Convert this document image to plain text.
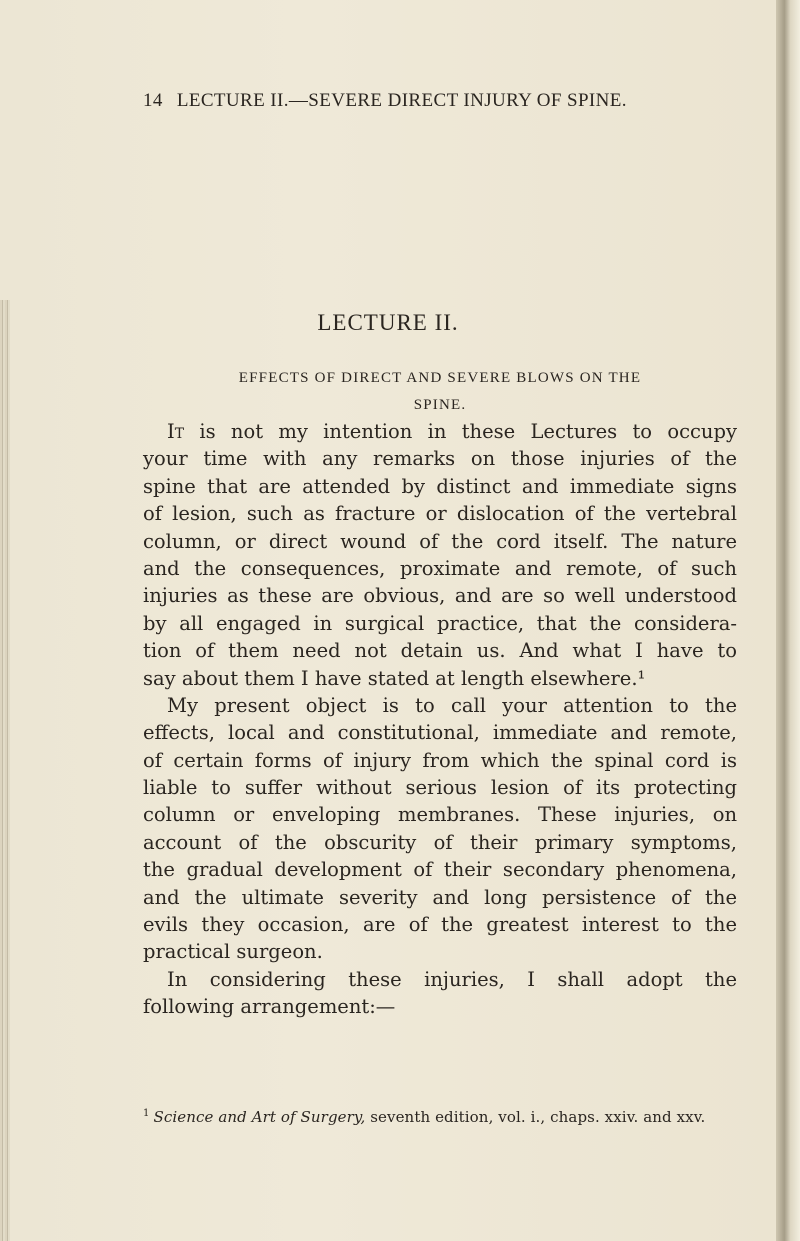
14 LECTURE II.—SEVERE DIRECT INJURY OF SPINE.
LECTURE II.
EFFECTS OF DIRECT AND SEVERE BLOWS ON THE
SPINE.
It is not my intention in these Lectures to occupy
your time with any remarks on those injuries of the
spine that are attended by distinct and immediate signs
of lesion, such as fracture or dislocation of the vertebral
column, or direct wound of the cord itself. The nature
and the consequences, proximate and remote, of such
injuries as these are obvious, and are so well understood
by all engaged in surgical practice, that the considera-
tion of them need not detain us. And what I have to
say about them I have stated at length elsewhere.¹
My present object is to call your attention to the
effects, local and constitutional, immediate and remote,
of certain forms of injury from which the spinal cord is
liable to suffer without serious lesion of its protecting
column or enveloping membranes. These injuries, on
account of the obscurity of their primary symptoms,
the gradual development of their secondary phenomena,
and the ultimate severity and long persistence of the
evils they occasion, are of the greatest interest to the
practical surgeon.
In considering these injuries, I shall adopt the
following arrangement:—
$^1$ Science and Art of Surgery, seventh edition, vol. i., chaps. xxiv. and xxv.
